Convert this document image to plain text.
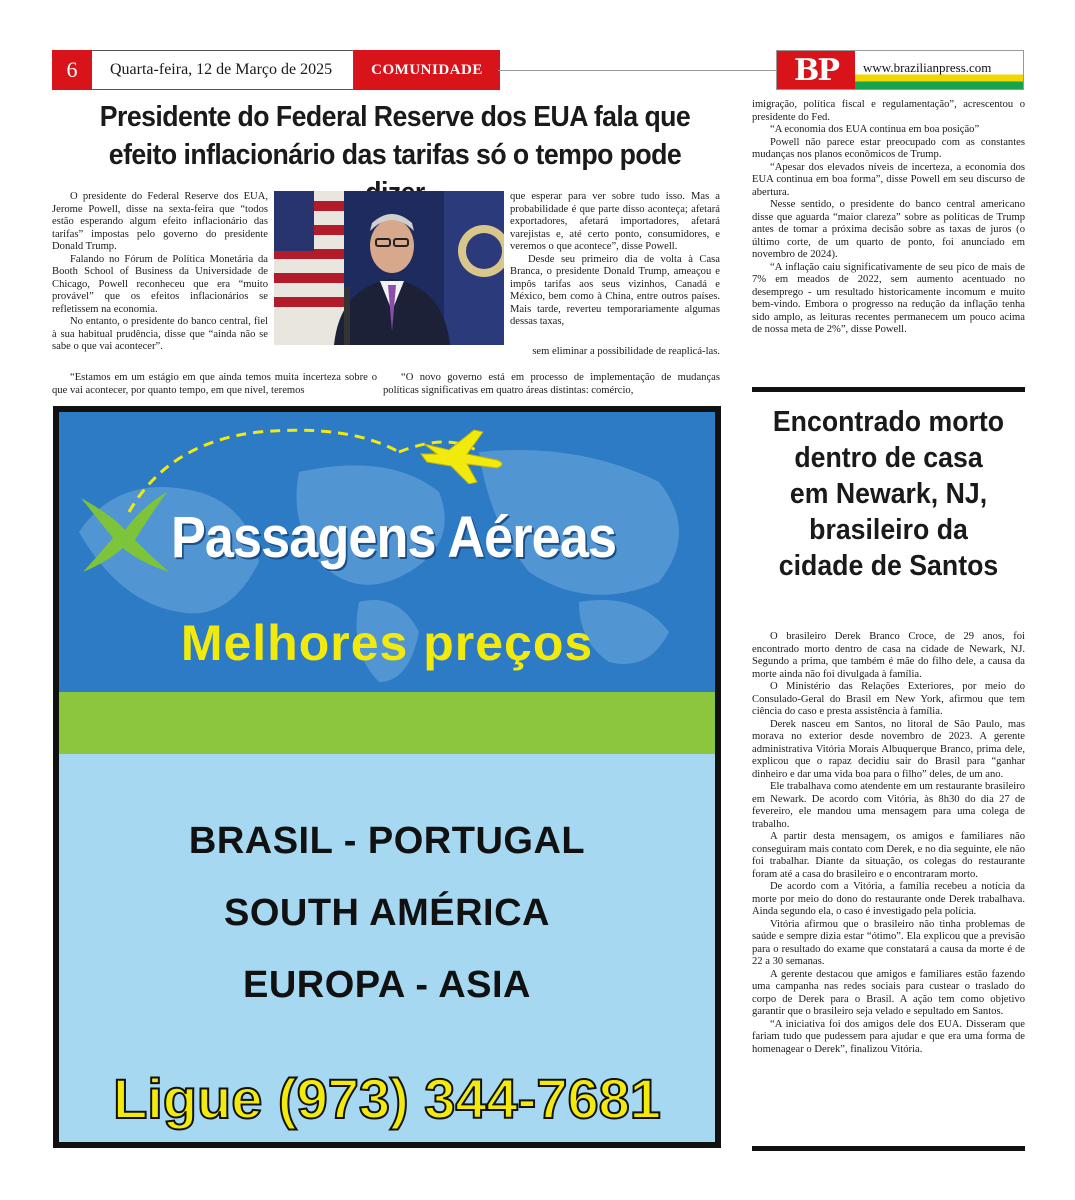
6	Quarta-feira, 12 de Março de 2025	COMUNIDADE	BP	www.brazilianpress.com
Presidente do Federal Reserve dos EUA fala que
efeito inflacionário das tarifas só o tempo pode

O presidente do Federal Reserve dos EUA, Jerome Powell, disse na sexta-feira que “todos estão esperando algum efeito inflacionário das tarifas” impostas pelo governo do presidente Donald Trump.

Falando no Fórum de Política Monetária da Booth School of Business da Universidade de Chicago, Powell reconheceu que era “muito provável” que os efeitos inflacionários se refletissem na economia.

No entanto, o presidente do banco central, fiel à sua habitual prudência, disse que “ainda não se sabe o que vai acontecer”.

que esperar para ver sobre tudo isso. Mas a probabilidade é que parte disso aconteça; afetará exportadores, afetará importadores, afetará varejistas e, até certo ponto, consumidores, e veremos o que acontece”, disse Powell.

Desde seu primeiro dia de volta à Casa Branca, o presidente Donald Trump, ameaçou e impôs tarifas aos seus vizinhos, Canadá e México, bem como à China, entre outros países. Mais tarde, reverteu temporariamente algumas dessas taxas,

sem eliminar a possibilidade de reaplicá-las.

“Estamos em um estágio em que ainda temos muita incerteza sobre o que vai acontecer, por quanto tempo, em que nível, teremos

“O novo governo está em processo de implementação de mudanças políticas significativas em quatro áreas distintas: comércio,

imigração, política fiscal e regulamentação”, acrescentou o presidente do Fed.

“A economia dos EUA continua em boa posição”

Powell não parece estar preocupado com as constantes mudanças nos planos econômicos de Trump.

“Apesar dos elevados níveis de incerteza, a economia dos EUA continua em boa forma”, disse Powell em seu discurso de abertura.

Nesse sentido, o presidente do banco central americano disse que aguarda “maior clareza” sobre as políticas de Trump antes de tomar a próxima decisão sobre as taxas de juros (o último corte, de um quarto de ponto, foi anunciado em novembro de 2024).

“A inflação caiu significativamente de seu pico de mais de 7% em meados de 2022, sem aumento acentuado no desemprego - um resultado historicamente incomum e muito bem-vindo. Embora o progresso na redução da inflação tenha sido amplo, as leituras recentes permanecem um pouco acima de nossa meta de 2%”, disse Powell.

Encontrado morto
dentro de casa
em Newark, NJ,
brasileiro da
cidade de Santos

O brasileiro Derek Branco Croce, de 29 anos, foi encontrado morto dentro de casa na cidade de Newark, NJ. Segundo a prima, que também é mãe do filho dele, a causa da morte ainda não foi divulgada à família.

O Ministério das Relações Exteriores, por meio do Consulado-Geral do Brasil em New York, afirmou que tem ciência do caso e presta assistência à família.

Derek nasceu em Santos, no litoral de São Paulo, mas morava no exterior desde novembro de 2023. A gerente administrativa Vitória Morais Albuquerque Branco, prima dele, explicou que o rapaz decidiu sair do Brasil para “ganhar dinheiro e dar uma vida boa para o filho” deles, de um ano.

Ele trabalhava como atendente em um restaurante brasileiro em Newark. De acordo com Vitória, às 8h30 do dia 27 de fevereiro, ele mandou uma mensagem para uma colega de trabalho.

A partir desta mensagem, os amigos e familiares não conseguiram mais contato com Derek, e no dia seguinte, ele não foi trabalhar. Diante da situação, os colegas do restaurante foram até a casa do brasileiro e o encontraram morto.

De acordo com a Vitória, a família recebeu a notícia da morte por meio do dono do restaurante onde Derek trabalhava. Ainda segundo ela, o caso é investigado pela polícia.

Vitória afirmou que o brasileiro não tinha problemas de saúde e sempre dizia estar “ótimo”. Ela explicou que a previsão para o resultado do exame que constatará a causa da morte é de 22 a 30 semanas.

A gerente destacou que amigos e familiares estão fazendo uma campanha nas redes sociais para custear o traslado do corpo de Derek para o Brasil. A ação tem como objetivo garantir que o brasileiro seja velado e sepultado em Santos.

“A iniciativa foi dos amigos dele dos EUA. Disseram que fariam tudo que pudessem para ajudar e que era uma forma de homenagear o Derek”, finalizou Vitória.

Passagens Aéreas
Melhores preços
BRASIL - PORTUGAL
SOUTH AMÉRICA
EUROPA - ASIA
Ligue (973) 344-7681
